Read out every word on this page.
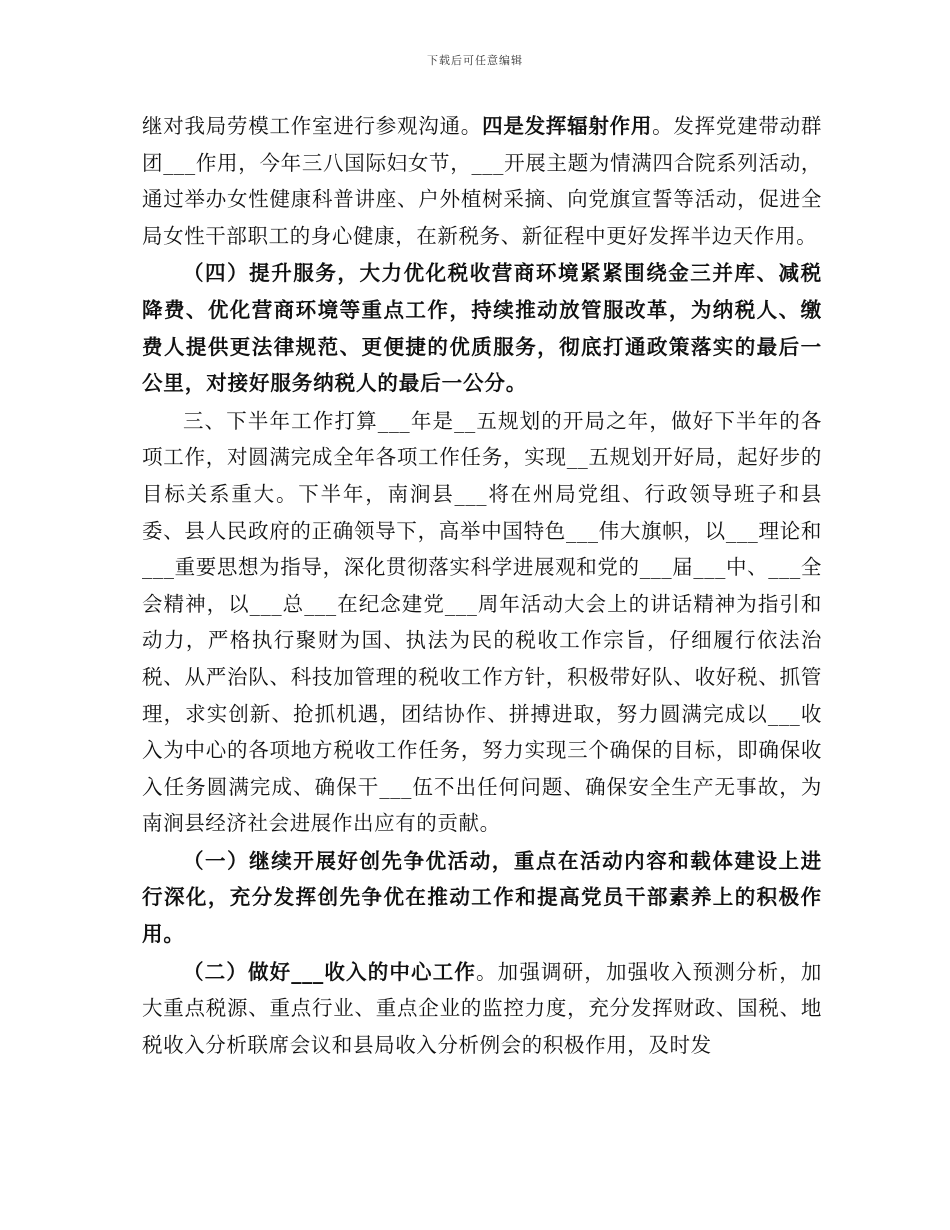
下载后可任意编辑

继对我局劳模工作室进行参观沟通。四是发挥辐射作用。发挥党建带动群团___作用，今年三八国际妇女节，___开展主题为情满四合院系列活动，通过举办女性健康科普讲座、户外植树采摘、向党旗宣誓等活动，促进全局女性干部职工的身心健康，在新税务、新征程中更好发挥半边天作用。

（四）提升服务，大力优化税收营商环境紧紧围绕金三并库、减税降费、优化营商环境等重点工作，持续推动放管服改革，为纳税人、缴费人提供更法律规范、更便捷的优质服务，彻底打通政策落实的最后一公里，对接好服务纳税人的最后一公分。

三、下半年工作打算___年是__五规划的开局之年，做好下半年的各项工作，对圆满完成全年各项工作任务，实现__五规划开好局，起好步的目标关系重大。下半年，南涧县___将在州局党组、行政领导班子和县委、县人民政府的正确领导下，高举中国特色___伟大旗帜，以___理论和___重要思想为指导，深化贯彻落实科学进展观和党的___届___中、___全会精神，以___总___在纪念建党___周年活动大会上的讲话精神为指引和动力，严格执行聚财为国、执法为民的税收工作宗旨，仔细履行依法治税、从严治队、科技加管理的税收工作方针，积极带好队、收好税、抓管理，求实创新、抢抓机遇，团结协作、拼搏进取，努力圆满完成以___收入为中心的各项地方税收工作任务，努力实现三个确保的目标，即确保收入任务圆满完成、确保干___伍不出任何问题、确保安全生产无事故，为南涧县经济社会进展作出应有的贡献。

（一）继续开展好创先争优活动，重点在活动内容和载体建设上进行深化，充分发挥创先争优在推动工作和提高党员干部素养上的积极作用。

（二）做好___收入的中心工作。加强调研，加强收入预测分析，加大重点税源、重点行业、重点企业的监控力度，充分发挥财政、国税、地税收入分析联席会议和县局收入分析例会的积极作用，及时发
